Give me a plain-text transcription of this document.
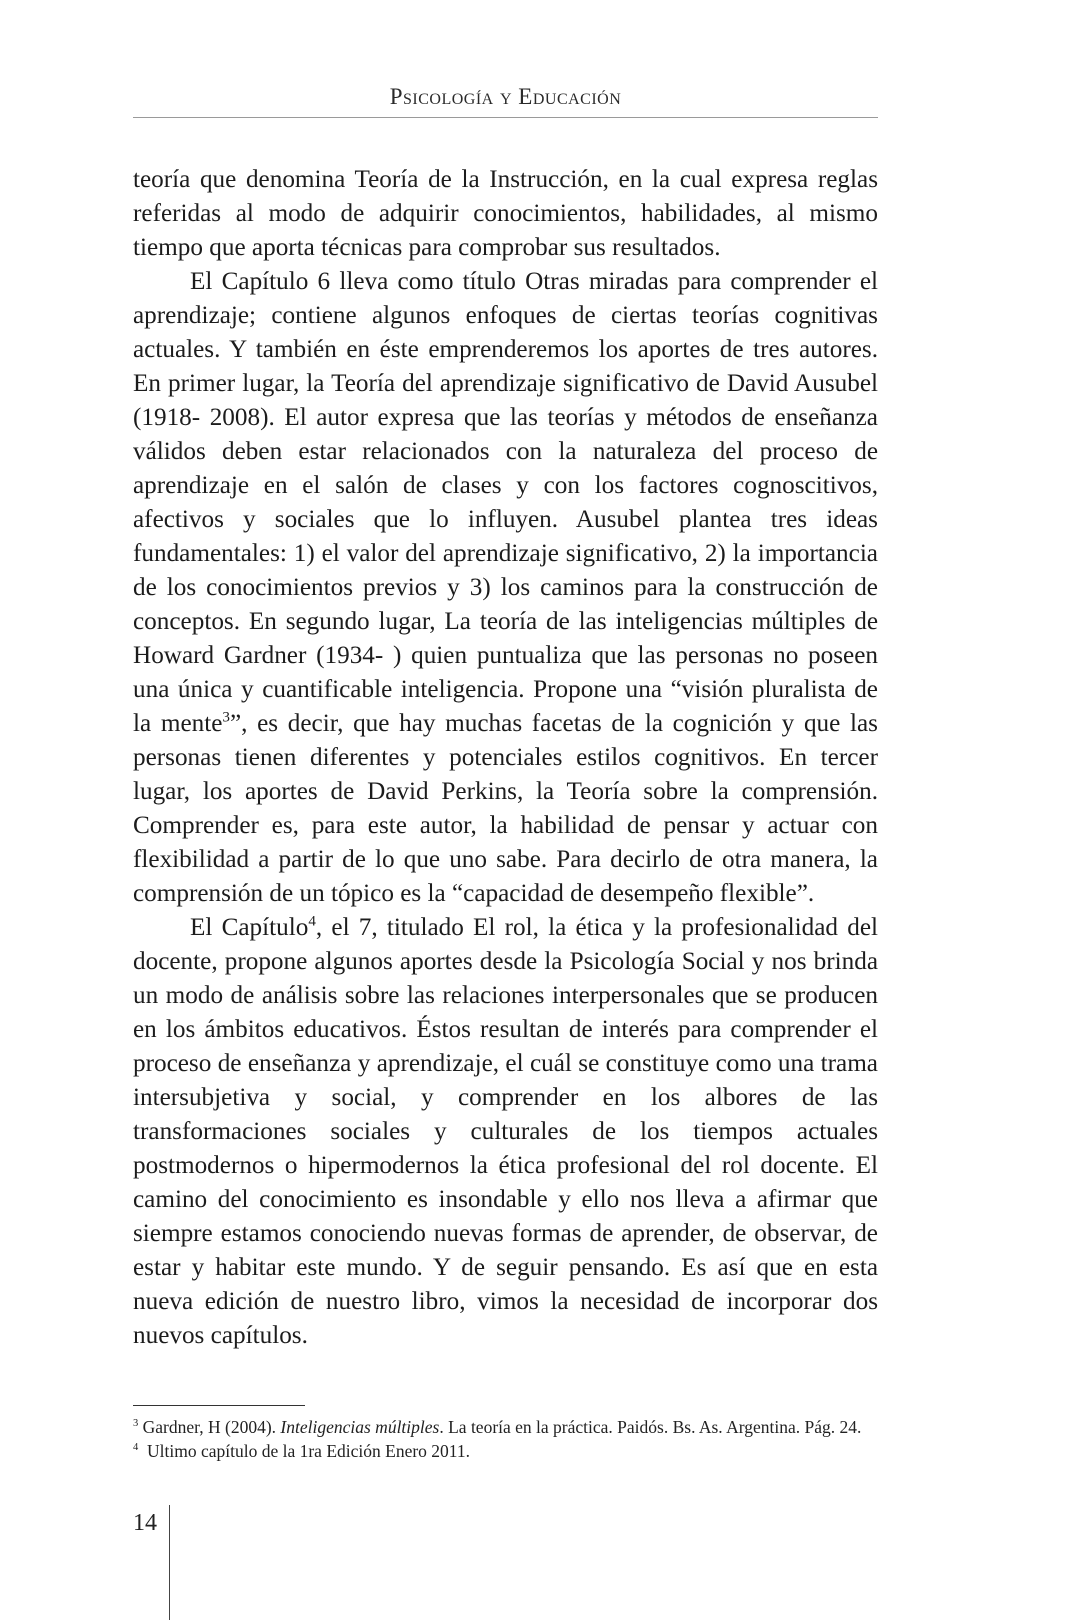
Psicología y Educación

teoría que denomina Teoría de la Instrucción, en la cual expresa reglas referidas al modo de adquirir conocimientos, habilidades, al mismo tiempo que aporta técnicas para comprobar sus resultados.

El Capítulo 6 lleva como título Otras miradas para comprender el aprendizaje; contiene algunos enfoques de ciertas teorías cognitivas actuales. Y también en éste emprenderemos los aportes de tres autores. En primer lugar, la Teoría del aprendizaje significativo de David Ausubel (1918- 2008). El autor expresa que las teorías y métodos de enseñanza válidos deben estar relacionados con la naturaleza del proceso de aprendizaje en el salón de clases y con los factores cognoscitivos, afectivos y sociales que lo influyen. Ausubel plantea tres ideas fundamentales: 1) el valor del aprendizaje significativo, 2) la importancia de los conocimientos previos y 3) los caminos para la construcción de conceptos. En segundo lugar, La teoría de las inteligencias múltiples de Howard Gardner (1934- ) quien puntualiza que las personas no poseen una única y cuantificable inteligencia. Propone una “visión pluralista de la mente$^3$”, es decir, que hay muchas facetas de la cognición y que las personas tienen diferentes y potenciales estilos cognitivos. En tercer lugar, los aportes de David Perkins, la Teoría sobre la comprensión. Comprender es, para este autor, la habilidad de pensar y actuar con flexibilidad a partir de lo que uno sabe. Para decirlo de otra manera, la comprensión de un tópico es la “capacidad de desempeño flexible”.

El Capítulo$^4$, el 7, titulado El rol, la ética y la profesionalidad del docente, propone algunos aportes desde la Psicología Social y nos brinda un modo de análisis sobre las relaciones interpersonales que se producen en los ámbitos educativos. Éstos resultan de interés para comprender el proceso de enseñanza y aprendizaje, el cuál se constituye como una trama intersubjetiva y social, y comprender en los albores de las transformaciones sociales y culturales de los tiempos actuales postmodernos o hipermodernos la ética profesional del rol docente. El camino del conocimiento es insondable y ello nos lleva a afirmar que siempre estamos conociendo nuevas formas de aprender, de observar, de estar y habitar este mundo. Y de seguir pensando. Es así que en esta nueva edición de nuestro libro, vimos la necesidad de incorporar dos nuevos capítulos.

$^3$ Gardner, H (2004). Inteligencias múltiples. La teoría en la práctica. Paidós. Bs. As. Argentina. Pág. 24.

$^4$ Ultimo capítulo de la 1ra Edición Enero 2011.

14
